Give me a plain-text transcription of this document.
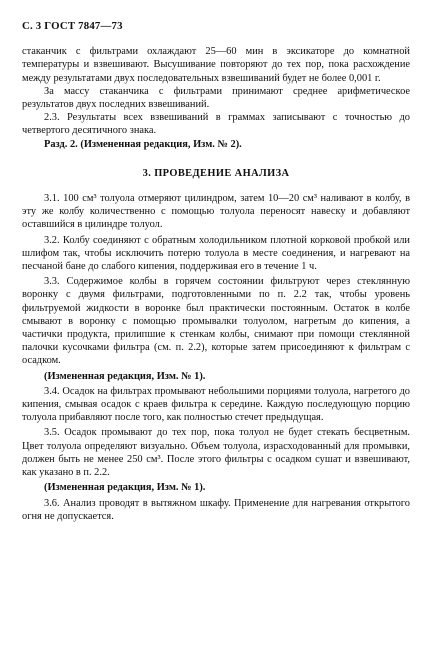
С. 3 ГОСТ 7847—73

стаканчик с фильтрами охлаждают 25—60 мин в эксикаторе до комнатной температуры и взвешивают. Высушивание повторяют до тех пор, пока расхождение между результатами двух последовательных взвешиваний будет не более 0,001 г.

За массу стаканчика с фильтрами принимают среднее арифметическое результатов двух последних взвешиваний.

2.3. Результаты всех взвешиваний в граммах записывают с точностью до четвертого десятичного знака.

Разд. 2. (Измененная редакция, Изм. № 2).

3. ПРОВЕДЕНИЕ АНАЛИЗА

3.1. 100 см³ толуола отмеряют цилиндром, затем 10—20 см³ наливают в колбу, в эту же колбу количественно с помощью толуола переносят навеску и добавляют оставшийся в цилиндре толуол.

3.2. Колбу соединяют с обратным холодильником плотной корковой пробкой или шлифом так, чтобы исключить потерю толуола в месте соединения, и нагревают на песчаной бане до слабого кипения, поддерживая его в течение 1 ч.

3.3. Содержимое колбы в горячем состоянии фильтруют через стеклянную воронку с двумя фильтрами, подготовленными по п. 2.2 так, чтобы уровень фильтруемой жидкости в воронке был практически постоянным. Остаток в колбе смывают в воронку с помощью промывалки толуолом, нагретым до кипения, а частички продукта, прилипшие к стенкам колбы, снимают при помощи стеклянной палочки кусочками фильтра (см. п. 2.2), которые затем присоединяют к фильтрам с осадком.

(Измененная редакция, Изм. № 1).

3.4. Осадок на фильтрах промывают небольшими порциями толуола, нагретого до кипения, смывая осадок с краев фильтра к середине. Каждую последующую порцию толуола прибавляют после того, как полностью стечет предыдущая.

3.5. Осадок промывают до тех пор, пока толуол не будет стекать бесцветным. Цвет толуола определяют визуально. Объем толуола, израсходованный для промывки, должен быть не менее 250 см³. После этого фильтры с осадком сушат и взвешивают, как указано в п. 2.2.

(Измененная редакция, Изм. № 1).

3.6. Анализ проводят в вытяжном шкафу. Применение для нагревания открытого огня не допускается.
